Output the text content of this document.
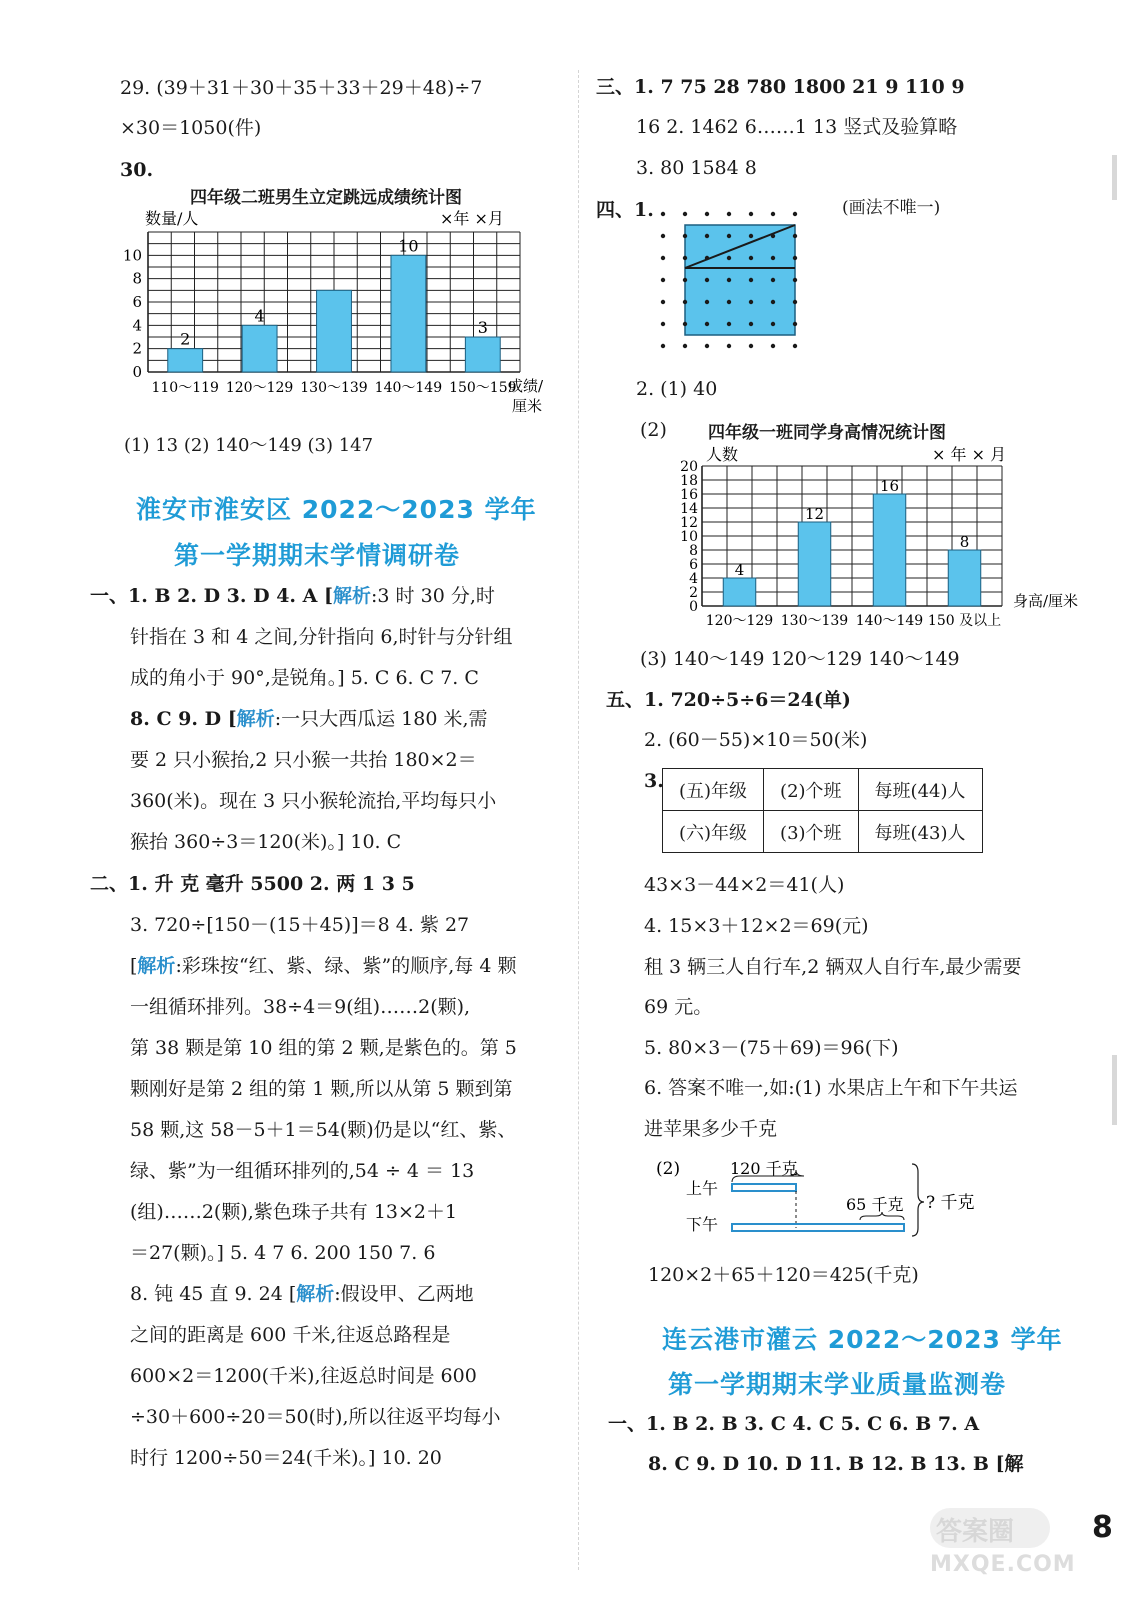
29. (39＋31＋30＋35＋33＋29＋48)÷7
×30＝1050(件)
30.
四年级二班男生立定跳远成绩统计图
数量/人	×年 ×月
成绩/
厘米
0
2
4
6
8
10
2
110～119
4
120～129 130～139
10
140～149
3
150～159
(1) 13 (2) 140～149 (3) 147
淮安市淮安区 2022～2023 学年
第一学期期末学情调研卷
一、1. B 2. D 3. D 4. A [解析:3 时 30 分,时
针指在 3 和 4 之间,分针指向 6,时针与分针组
成的角小于 90°,是锐角。] 5. C 6. C 7. C
8. C 9. D [解析:一只大西瓜运 180 米,需
要 2 只小猴抬,2 只小猴一共抬 180×2＝
360(米)。现在 3 只小猴轮流抬,平均每只小
猴抬 360÷3＝120(米)。] 10. C
二、1. 升 克 毫升 5500 2. 两 1 3 5
3. 720÷[150－(15＋45)]＝8 4. 紫 27
[解析:彩珠按“红、紫、绿、紫”的顺序,每 4 颗
一组循环排列。38÷4＝9(组)……2(颗),
第 38 颗是第 10 组的第 2 颗,是紫色的。第 5
颗刚好是第 2 组的第 1 颗,所以从第 5 颗到第
58 颗,这 58－5＋1＝54(颗)仍是以“红、紫、
绿、紫”为一组循环排列的,54 ÷ 4 ＝ 13
(组)……2(颗),紫色珠子共有 13×2＋1
＝27(颗)。] 5. 4 7 6. 200 150 7. 6
8. 钝 45 直 9. 24 [解析:假设甲、乙两地
之间的距离是 600 千米,往返总路程是
600×2＝1200(千米),往返总时间是 600
÷30＋600÷20＝50(时),所以往返平均每小
时行 1200÷50＝24(千米)。] 10. 20
三、1. 7 75 28 780 1800 21 9 110 9
16 2. 1462 6……1 13 竖式及验算略
3. 80 1584 8
四、1.	(画法不唯一)
2. (1) 40
(2) 四年级一班同学身高情况统计图
人数	× 年 × 月
身高/厘米
0
2
4
6
8
10
12
14
16
18
20
4
120～129
12
130～139
16
140～149
8
150 及以上
(3) 140～149 120～129 140～149
五、1. 720÷5÷6＝24(单)
2. (60－55)×10＝50(米)
3. (五)年级	(2)个班	每班(44)人
(六)年级	(3)个班	每班(43)人
43×3－44×2＝41(人)
4. 15×3＋12×2＝69(元)
租 3 辆三人自行车,2 辆双人自行车,最少需要
69 元。
5. 80×3－(75＋69)＝96(下)
6. 答案不唯一,如:(1) 水果店上午和下午共运
进苹果多少千克
(2)	120 千克
上午
65 千克
下午
? 千克
120×2＋65＋120＝425(千克)
连云港市灌云 2022～2023 学年
第一学期期末学业质量监测卷
一、1. B 2. B 3. C 4. C 5. C 6. B 7. A
8. C 9. D 10. D 11. B 12. B 13. B [解
答案圈
MXQE.COM
8
